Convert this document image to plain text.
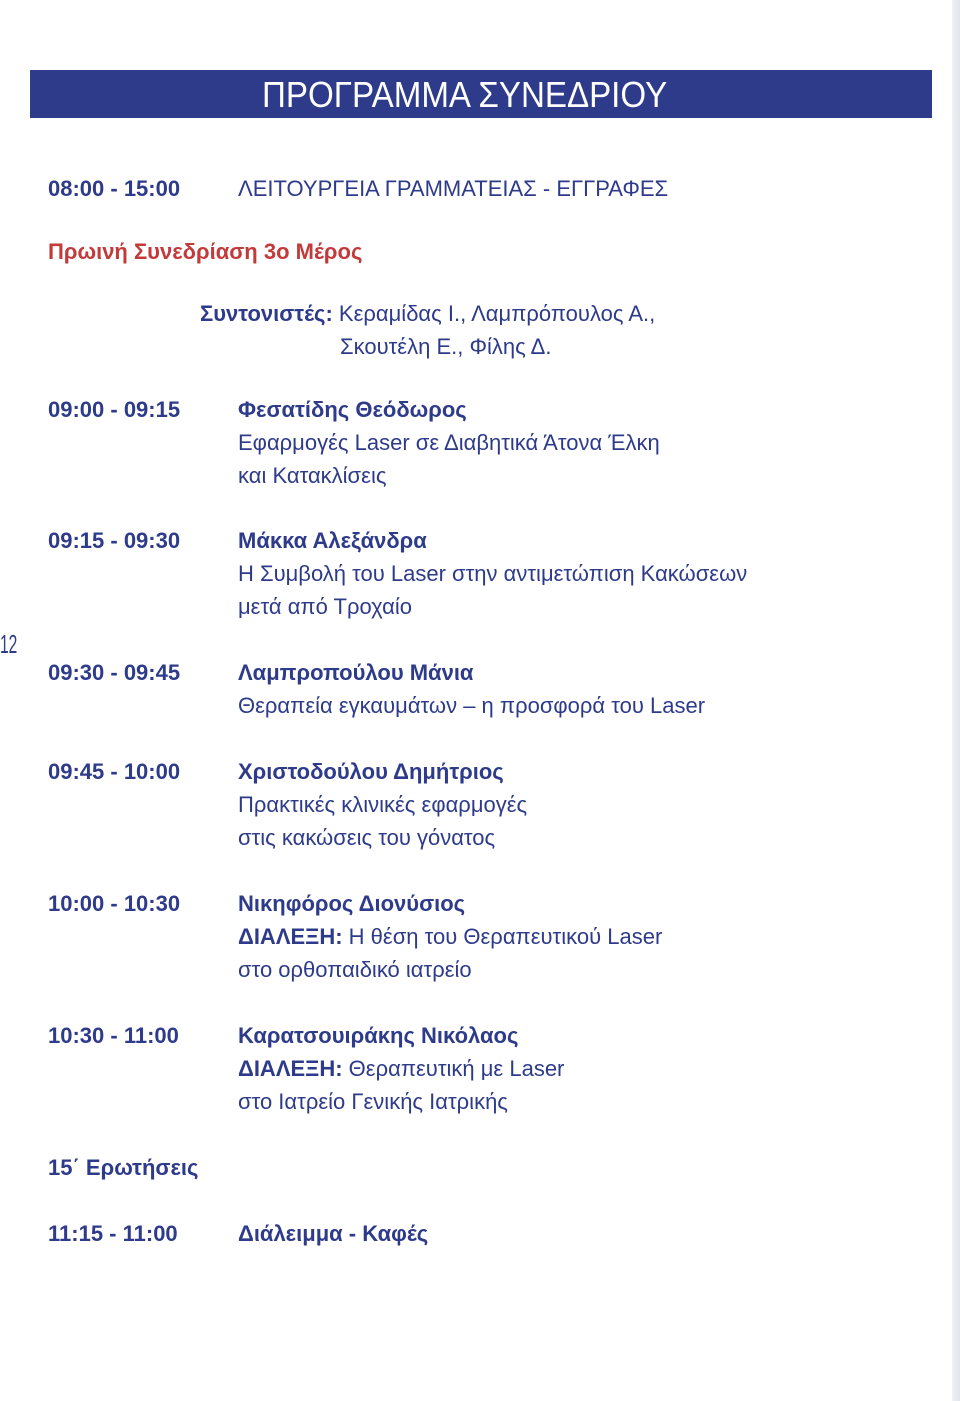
ΠΡΟΓΡΑΜΜΑ ΣΥΝΕΔΡΙΟΥ
12
08:00 - 15:00	ΛΕΙΤΟΥΡΓΕΙΑ ΓΡΑΜΜΑΤΕΙΑΣ - ΕΓΓΡΑΦΕΣ
Πρωινή Συνεδρίαση 3ο Μέρος
Συντονιστές: Κεραμίδας Ι., Λαμπρόπουλος Α.,
Σκουτέλη Ε., Φίλης Δ.
09:00 - 09:15	Φεσατίδης Θεόδωρος
Εφαρμογές Laser σε Διαβητικά Άτονα Έλκη
και Κατακλίσεις
09:15 - 09:30	Μάκκα Αλεξάνδρα
Η Συμβολή του Laser στην αντιμετώπιση Κακώσεων
μετά από Τροχαίο
09:30 - 09:45	Λαμπροπούλου Μάνια
Θεραπεία εγκαυμάτων – η προσφορά του Laser
09:45 - 10:00	Χριστοδούλου Δημήτριος
Πρακτικές κλινικές εφαρμογές
στις κακώσεις του γόνατος
10:00 - 10:30	Νικηφόρος Διονύσιος
ΔΙΑΛΕΞΗ: Η θέση του Θεραπευτικού Laser
στο ορθοπαιδικό ιατρείο
10:30 - 11:00	Καρατσουιράκης Νικόλαος
ΔΙΑΛΕΞΗ: Θεραπευτική με Laser
στο Ιατρείο Γενικής Ιατρικής
15΄ Ερωτήσεις
11:15 - 11:00	Διάλειμμα - Καφές
